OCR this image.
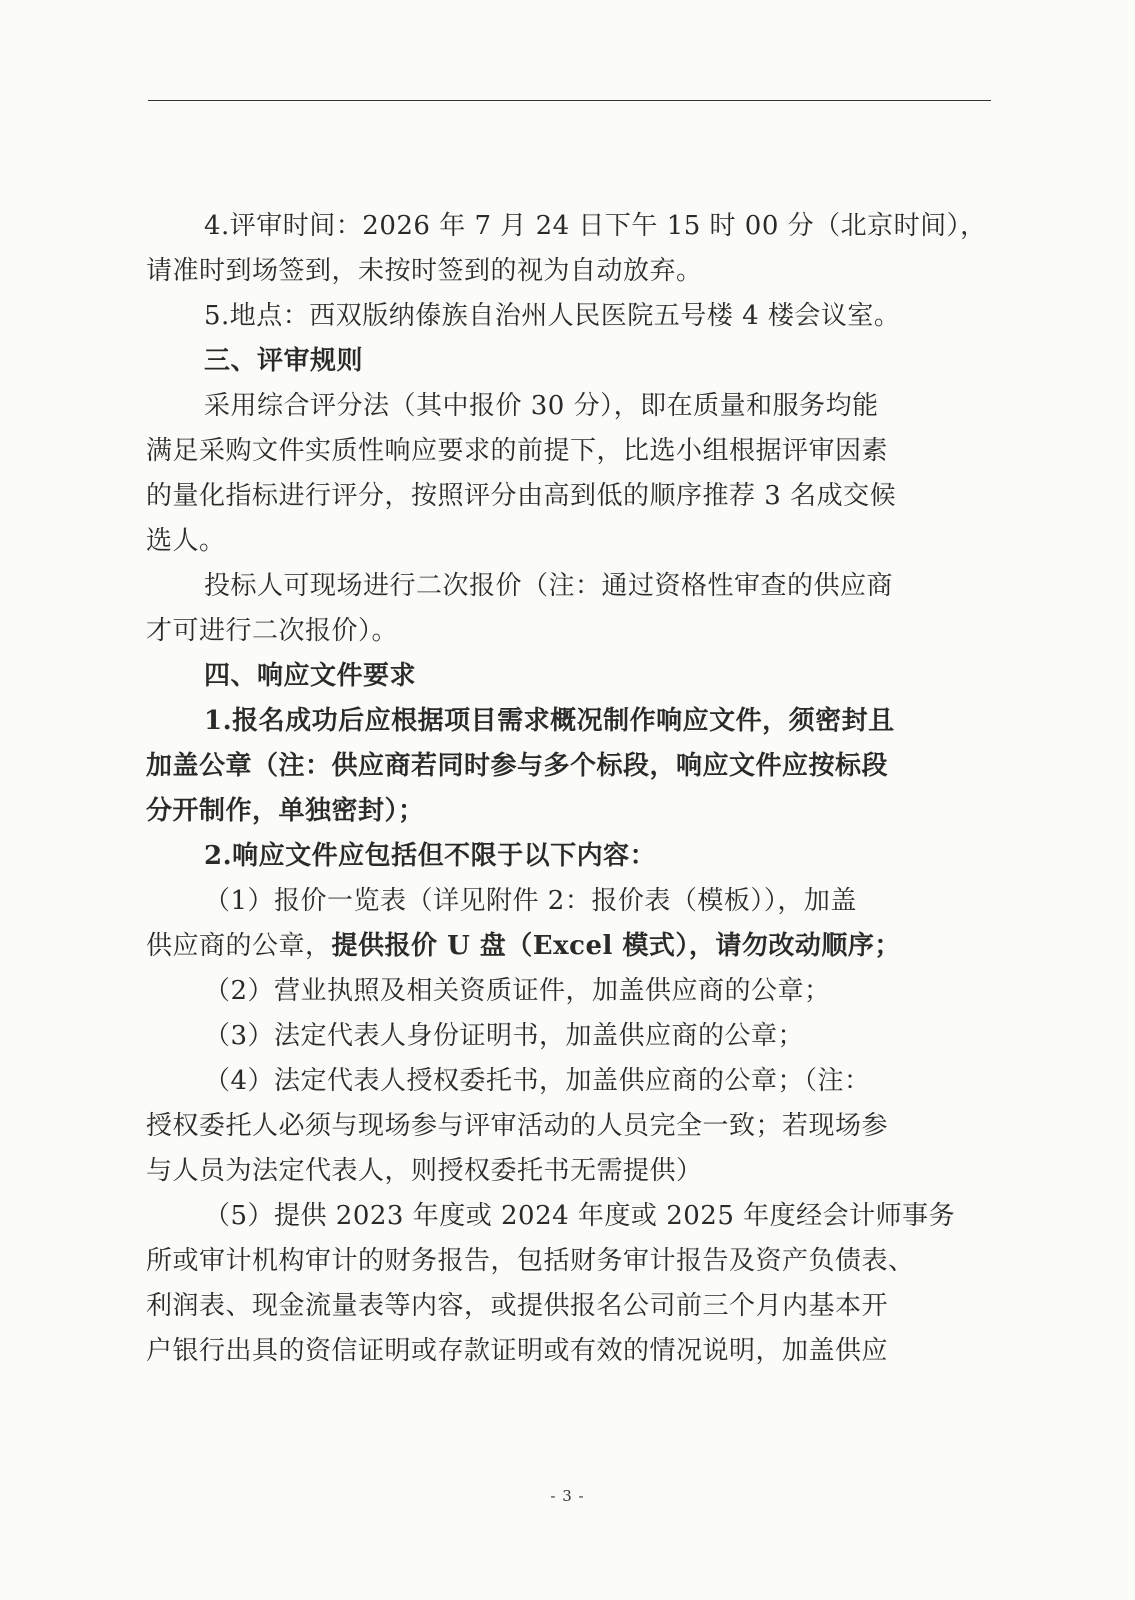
4.评审时间：2026 年 7 月 24 日下午 15 时 00 分（北京时间），
请准时到场签到，未按时签到的视为自动放弃。
5.地点：西双版纳傣族自治州人民医院五号楼 4 楼会议室。
三、评审规则
采用综合评分法（其中报价 30 分），即在质量和服务均能
满足采购文件实质性响应要求的前提下，比选小组根据评审因素
的量化指标进行评分，按照评分由高到低的顺序推荐 3 名成交候
选人。
投标人可现场进行二次报价（注：通过资格性审查的供应商
才可进行二次报价）。
四、响应文件要求
1.报名成功后应根据项目需求概况制作响应文件，须密封且
加盖公章（注：供应商若同时参与多个标段，响应文件应按标段
分开制作，单独密封）；
2.响应文件应包括但不限于以下内容：
（1）报价一览表（详见附件 2：报价表（模板）），加盖
供应商的公章，提供报价 U 盘（Excel 模式），请勿改动顺序；
（2）营业执照及相关资质证件，加盖供应商的公章；
（3）法定代表人身份证明书，加盖供应商的公章；
（4）法定代表人授权委托书，加盖供应商的公章；（注：
授权委托人必须与现场参与评审活动的人员完全一致；若现场参
与人员为法定代表人，则授权委托书无需提供）
（5）提供 2023 年度或 2024 年度或 2025 年度经会计师事务
所或审计机构审计的财务报告，包括财务审计报告及资产负债表、
利润表、现金流量表等内容，或提供报名公司前三个月内基本开
户银行出具的资信证明或存款证明或有效的情况说明，加盖供应
- 3 -
